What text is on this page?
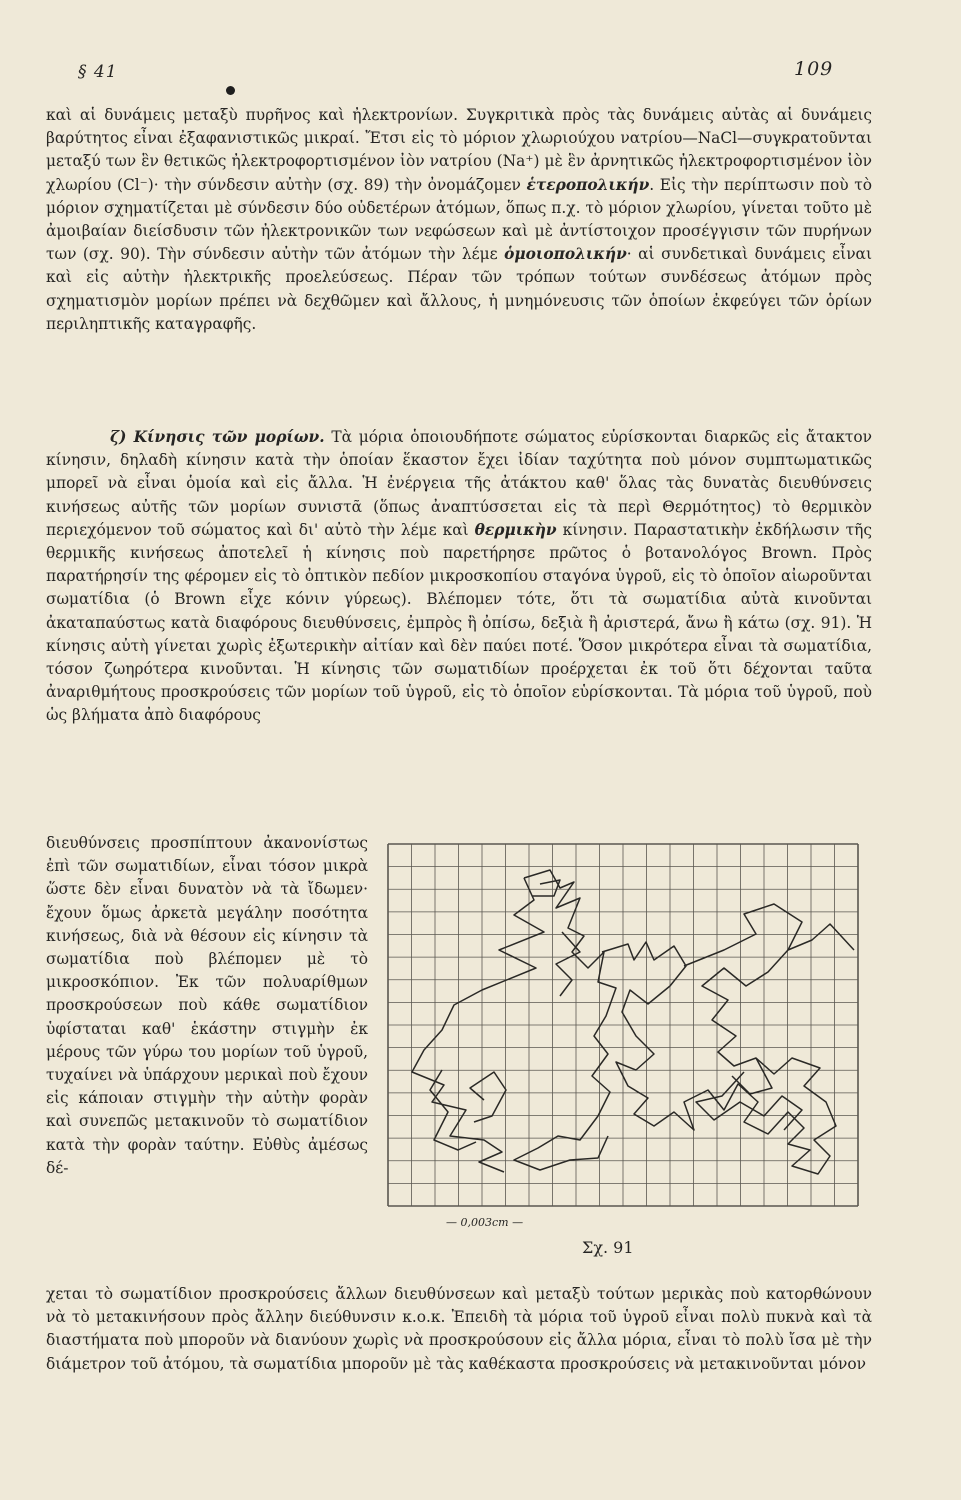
§ 41	109

καὶ αἱ δυνάμεις μεταξὺ πυρῆνος καὶ ἠλεκτρονίων. Συγκριτικὰ πρὸς τὰς δυνάμεις αὐτὰς αἱ δυνάμεις βαρύτητος εἶναι ἐξαφανιστικῶς μικραί. Ἔτσι εἰς τὸ μόριον χλωριούχου νατρίου—NaCl—συγκρατοῦνται μεταξύ των ἓν θετικῶς ἠλεκτροφορτισμένον ἰὸν νατρίου (Na⁺) μὲ ἓν ἀρνητικῶς ἠλεκτροφορτισμένον ἰὸν χλωρίου (Cl⁻)· τὴν σύνδεσιν αὐτὴν (σχ. 89) τὴν ὀνομάζομεν ἑτεροπολικήν. Εἰς τὴν περίπτωσιν ποὺ τὸ μόριον σχηματίζεται μὲ σύνδεσιν δύο οὐδετέρων ἀτόμων, ὅπως π.χ. τὸ μόριον χλωρίου, γίνεται τοῦτο μὲ ἀμοιβαίαν διείσδυσιν τῶν ἠλεκτρονικῶν των νεφώσεων καὶ μὲ ἀντίστοιχον προσέγγισιν τῶν πυρήνων των (σχ. 90). Τὴν σύνδεσιν αὐτὴν τῶν ἀτόμων τὴν λέμε ὁμοιοπολικήν· αἱ συνδετικαὶ δυνάμεις εἶναι καὶ εἰς αὐτὴν ἠλεκτρικῆς προελεύσεως. Πέραν τῶν τρόπων τούτων συνδέσεως ἀτόμων πρὸς σχηματισμὸν μορίων πρέπει νὰ δεχθῶμεν καὶ ἄλλους, ἡ μνημόνευσις τῶν ὁποίων ἐκφεύγει τῶν ὁρίων περιληπτικῆς καταγραφῆς.

ζ) Κίνησις τῶν μορίων. Τὰ μόρια ὁποιουδήποτε σώματος εὑρίσκονται διαρκῶς εἰς ἄτακτον κίνησιν, δηλαδὴ κίνησιν κατὰ τὴν ὁποίαν ἕκαστον ἔχει ἰδίαν ταχύτητα ποὺ μόνον συμπτωματικῶς μπορεῖ νὰ εἶναι ὁμοία καὶ εἰς ἄλλα. Ἡ ἐνέργεια τῆς ἀτάκτου καθ' ὅλας τὰς δυνατὰς διευθύνσεις κινήσεως αὐτῆς τῶν μορίων συνιστᾶ (ὅπως ἀναπτύσσεται εἰς τὰ περὶ Θερμότητος) τὸ θερμικὸν περιεχόμενον τοῦ σώματος καὶ δι' αὐτὸ τὴν λέμε καὶ θερμικὴν κίνησιν. Παραστατικὴν ἐκδήλωσιν τῆς θερμικῆς κινήσεως ἀποτελεῖ ἡ κίνησις ποὺ παρετήρησε πρῶτος ὁ βοτανολόγος Brown. Πρὸς παρατήρησίν της φέρομεν εἰς τὸ ὀπτικὸν πεδίον μικροσκοπίου σταγόνα ὑγροῦ, εἰς τὸ ὁποῖον αἰωροῦνται σωματίδια (ὁ Brown εἶχε κόνιν γύρεως). Βλέπομεν τότε, ὅτι τὰ σωματίδια αὐτὰ κινοῦνται ἀκαταπαύστως κατὰ διαφόρους διευθύνσεις, ἐμπρὸς ἢ ὀπίσω, δεξιὰ ἢ ἀριστερά, ἄνω ἢ κάτω (σχ. 91). Ἡ κίνησις αὐτὴ γίνεται χωρὶς ἐξωτερικὴν αἰτίαν καὶ δὲν παύει ποτέ. Ὅσον μικρότερα εἶναι τὰ σωματίδια, τόσον ζωηρότερα κινοῦνται. Ἡ κίνησις τῶν σωματιδίων προέρχεται ἐκ τοῦ ὅτι δέχονται ταῦτα ἀναριθμήτους προσκρούσεις τῶν μορίων τοῦ ὑγροῦ, εἰς τὸ ὁποῖον εὑρίσκονται. Τὰ μόρια τοῦ ὑγροῦ, ποὺ ὡς βλήματα ἀπὸ διαφόρους

διευθύνσεις προσπίπτουν ἀκανονίστως ἐπὶ τῶν σωματιδίων, εἶναι τόσον μικρὰ ὥστε δὲν εἶναι δυνατὸν νὰ τὰ ἴδωμεν· ἔχουν ὅμως ἀρκετὰ μεγάλην ποσότητα κινήσεως, διὰ νὰ θέσουν εἰς κίνησιν τὰ σωματίδια ποὺ βλέπομεν μὲ τὸ μικροσκόπιον. Ἐκ τῶν πολυαρίθμων προσκρούσεων ποὺ κάθε σωματίδιον ὑφίσταται καθ' ἑκάστην στιγμὴν ἐκ μέρους τῶν γύρω του μορίων τοῦ ὑγροῦ, τυχαίνει νὰ ὑπάρχουν μερικαὶ ποὺ ἔχουν εἰς κάποιαν στιγμὴν τὴν αὐτὴν φορὰν καὶ συνεπῶς μετακινοῦν τὸ σωματίδιον κατὰ τὴν φορὰν ταύτην. Εὐθὺς ἀμέσως δέ-

— 0,003cm —
Σχ. 91

χεται τὸ σωματίδιον προσκρούσεις ἄλλων διευθύνσεων καὶ μεταξὺ τούτων μερικὰς ποὺ κατορθώνουν νὰ τὸ μετακινήσουν πρὸς ἄλλην διεύθυνσιν κ.ο.κ. Ἐπειδὴ τὰ μόρια τοῦ ὑγροῦ εἶναι πολὺ πυκνὰ καὶ τὰ διαστήματα ποὺ μποροῦν νὰ διανύουν χωρὶς νὰ προσκρούσουν εἰς ἄλλα μόρια, εἶναι τὸ πολὺ ἴσα μὲ τὴν διάμετρον τοῦ ἀτόμου, τὰ σωματίδια μποροῦν μὲ τὰς καθέκαστα προσκρούσεις νὰ μετακινοῦνται μόνον
